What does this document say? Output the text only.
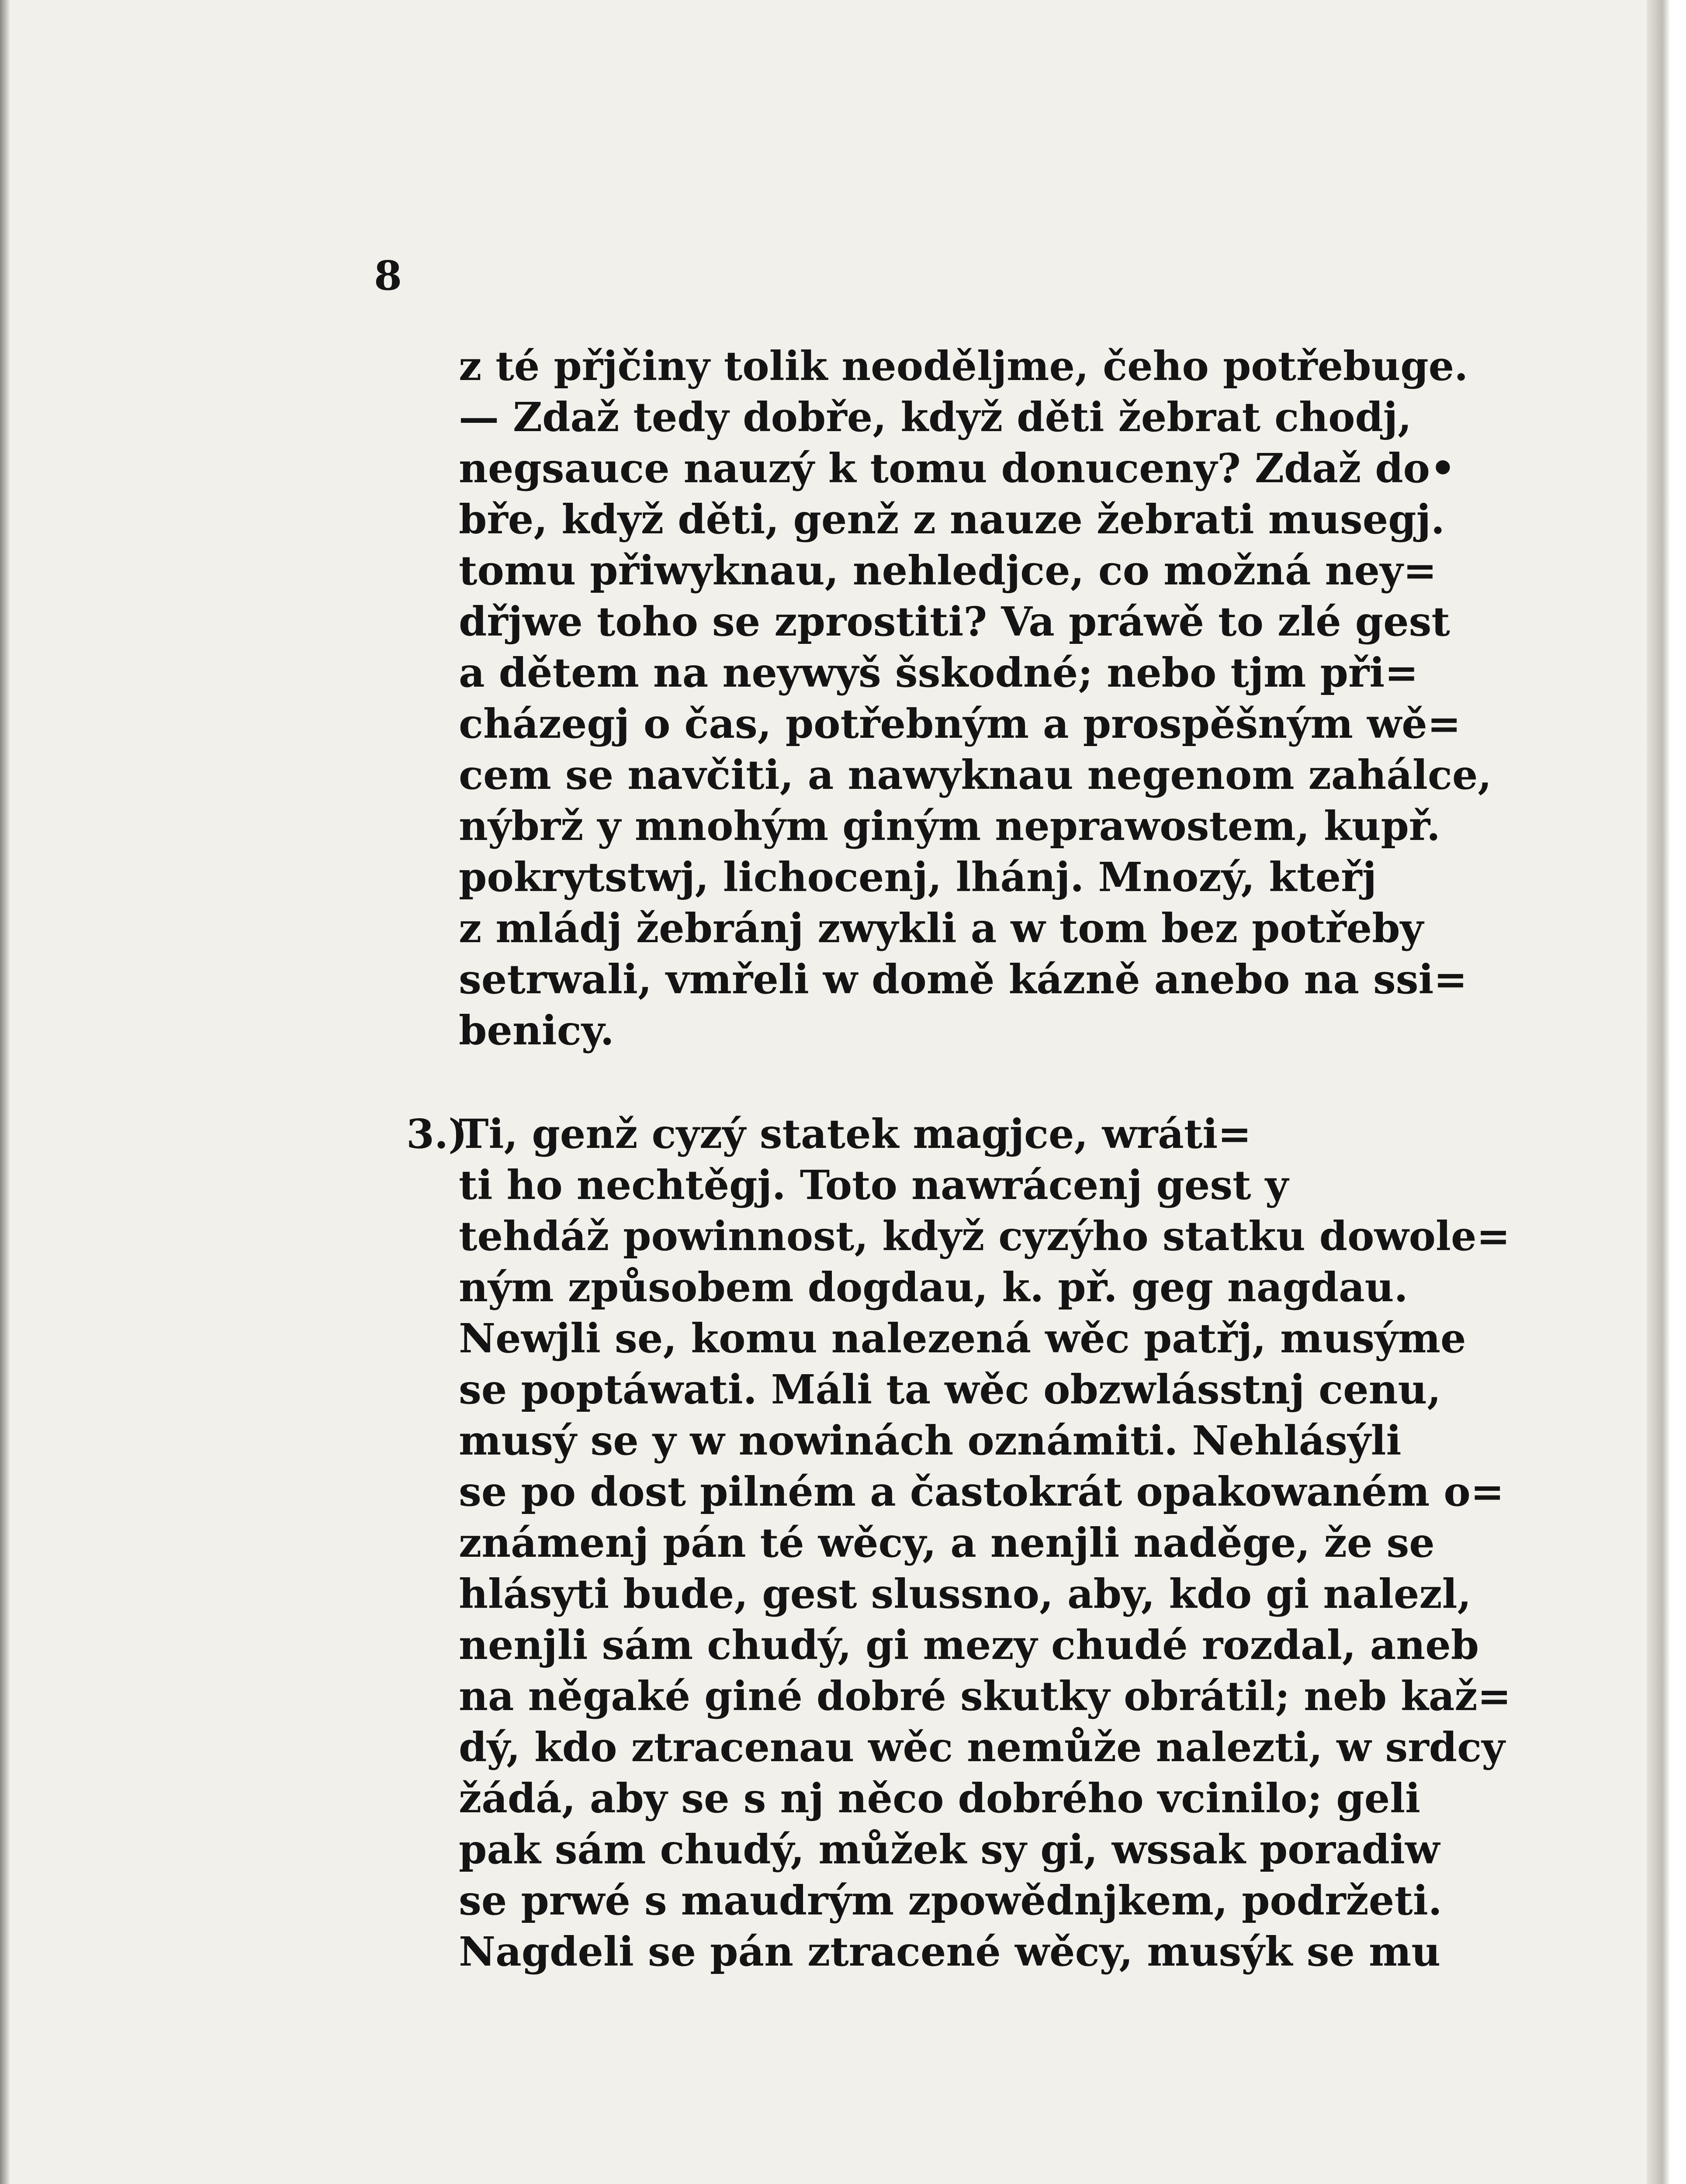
8
z té přjčiny tolik neoděljme, čeho potřebuge.
— Zdaž tedy dobře, když děti žebrat chodj,
negsauce nauzý k tomu donuceny? Zdaž do•
bře, když děti, genž z nauze žebrati musegj.
tomu přiwyknau, nehledjce, co možná ney=
dřjwe toho se zprostiti? Va práwě to zlé gest
a dětem na neywyš šskodné; nebo tjm při=
cházegj o čas, potřebným a prospěšným wě=
cem se navčiti, a nawyknau negenom zahálce,
nýbrž y mnohým giným neprawostem, kupř.
pokrytstwj, lichocenj, lhánj. Mnozý, kteřj
z mládj žebránj zwykli a w tom bez potřeby
setrwali, vmřeli w domě kázně anebo na ssi=
benicy.
3.)
Ti, genž cyzý statek magjce, wráti=
ti ho nechtěgj. Toto nawrácenj gest y
tehdáž powinnost, když cyzýho statku dowole=
ným způsobem dogdau, k. př. geg nagdau.
Newjli se, komu nalezená wěc patřj, musýme
se poptáwati. Máli ta wěc obzwlásstnj cenu,
musý se y w nowinách oznámiti. Nehlásýli
se po dost pilném a častokrát opakowaném o=
známenj pán té wěcy, a nenjli naděge, že se
hlásyti bude, gest slussno, aby, kdo gi nalezl,
nenjli sám chudý, gi mezy chudé rozdal, aneb
na něgaké giné dobré skutky obrátil; neb kaž=
dý, kdo ztracenau wěc nemůže nalezti, w srdcy
žádá, aby se s nj něco dobrého vcinilo; geli
pak sám chudý, můžek sy gi, wssak poradiw
se prwé s maudrým zpowědnjkem, podržeti.
Nagdeli se pán ztracené wěcy, musýk se mu
